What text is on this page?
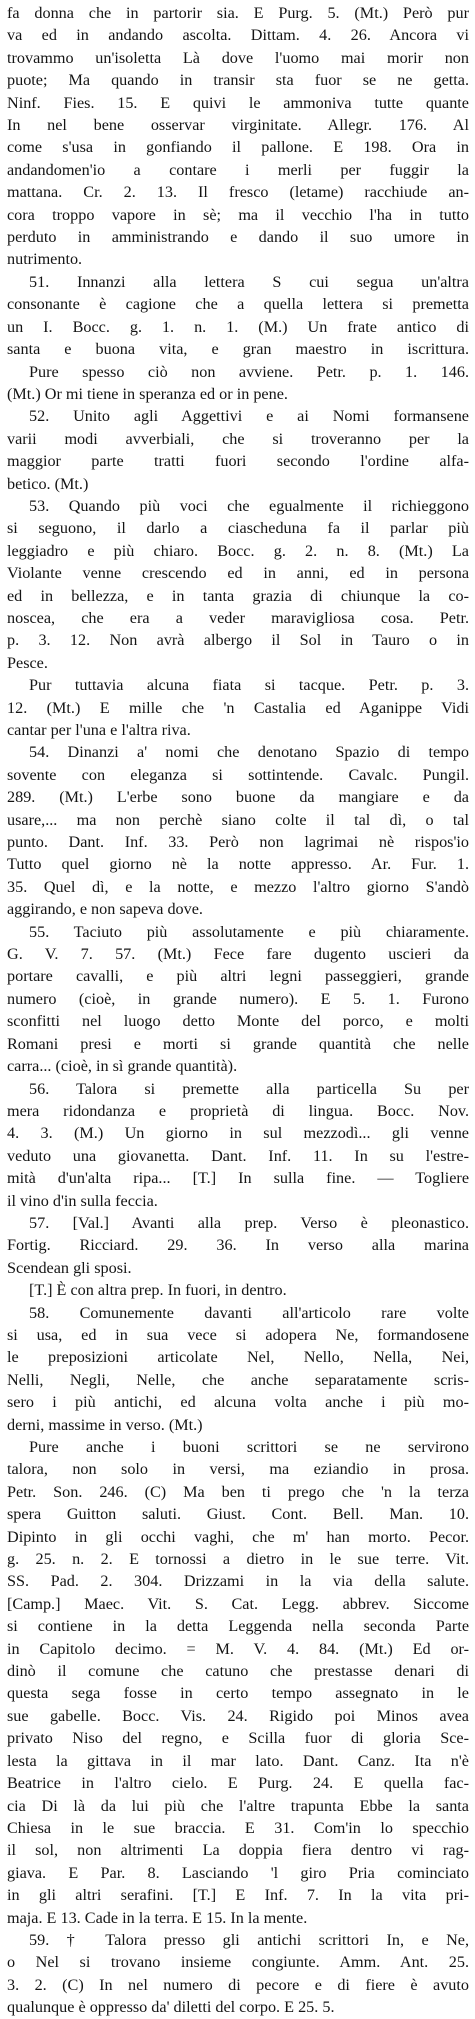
fa donna che in partorir sia. E Purg. 5. (Mt.) Però pur
va ed in andando ascolta. Dittam. 4. 26. Ancora vi
trovammo un'isoletta Là dove l'uomo mai morir non
puote; Ma quando in transir sta fuor se ne getta.
Ninf. Fies. 15. E quivi le ammoniva tutte quante
In nel bene osservar virginitate. Allegr. 176. Al
come s'usa in gonfiando il pallone. E 198. Ora in
andandomen'io a contare i merli per fuggir la
mattana. Cr. 2. 13. Il fresco (letame) racchiude an-
cora troppo vapore in sè; ma il vecchio l'ha in tutto
perduto in amministrando e dando il suo umore in
nutrimento.
51. Innanzi alla lettera S cui segua un'altra
consonante è cagione che a quella lettera si premetta
un I. Bocc. g. 1. n. 1. (M.) Un frate antico di
santa e buona vita, e gran maestro in iscrittura.
Pure spesso ciò non avviene. Petr. p. 1. 146.
(Mt.) Or mi tiene in speranza ed or in pene.
52. Unito agli Aggettivi e ai Nomi formansene
varii modi avverbiali, che si troveranno per la
maggior parte tratti fuori secondo l'ordine alfa-
betico. (Mt.)
53. Quando più voci che egualmente il richieggono
si seguono, il darlo a ciascheduna fa il parlar più
leggiadro e più chiaro. Bocc. g. 2. n. 8. (Mt.) La
Violante venne crescendo ed in anni, ed in persona
ed in bellezza, e in tanta grazia di chiunque la co-
noscea, che era a veder maravigliosa cosa. Petr.
p. 3. 12. Non avrà albergo il Sol in Tauro o in
Pesce.
Pur tuttavia alcuna fiata si tacque. Petr. p. 3.
12. (Mt.) E mille che 'n Castalia ed Aganippe Vidi
cantar per l'una e l'altra riva.
54. Dinanzi a' nomi che denotano Spazio di tempo
sovente con eleganza si sottintende. Cavalc. Pungil.
289. (Mt.) L'erbe sono buone da mangiare e da
usare,... ma non perchè siano colte il tal dì, o tal
punto. Dant. Inf. 33. Però non lagrimai nè rispos'io
Tutto quel giorno nè la notte appresso. Ar. Fur. 1.
35. Quel dì, e la notte, e mezzo l'altro giorno S'andò
aggirando, e non sapeva dove.
55. Taciuto più assolutamente e più chiaramente.
G. V. 7. 57. (Mt.) Fece fare dugento uscieri da
portare cavalli, e più altri legni passeggieri, grande
numero (cioè, in grande numero). E 5. 1. Furono
sconfitti nel luogo detto Monte del porco, e molti
Romani presi e morti si grande quantità che nelle
carra... (cioè, in sì grande quantità).
56. Talora si premette alla particella Su per
mera ridondanza e proprietà di lingua. Bocc. Nov.
4. 3. (M.) Un giorno in sul mezzodì... gli venne
veduto una giovanetta. Dant. Inf. 11. In su l'estre-
mità d'un'alta ripa... [T.] In sulla fine. — Togliere
il vino d'in sulla feccia.
57. [Val.] Avanti alla prep. Verso è pleonastico.
Fortig. Ricciard. 29. 36. In verso alla marina
Scendean gli sposi.
[T.] È con altra prep. In fuori, in dentro.
58. Comunemente davanti all'articolo rare volte
si usa, ed in sua vece si adopera Ne, formandosene
le preposizioni articolate Nel, Nello, Nella, Nei,
Nelli, Negli, Nelle, che anche separatamente scris-
sero i più antichi, ed alcuna volta anche i più mo-
derni, massime in verso. (Mt.)
Pure anche i buoni scrittori se ne servirono
talora, non solo in versi, ma eziandio in prosa.
Petr. Son. 246. (C) Ma ben ti prego che 'n la terza
spera Guitton saluti. Giust. Cont. Bell. Man. 10.
Dipinto in gli occhi vaghi, che m' han morto. Pecor.
g. 25. n. 2. E tornossi a dietro in le sue terre. Vit.
SS. Pad. 2. 304. Drizzami in la via della salute.
[Camp.] Maec. Vit. S. Cat. Legg. abbrev. Siccome
si contiene in la detta Leggenda nella seconda Parte
in Capitolo decimo. = M. V. 4. 84. (Mt.) Ed or-
dinò il comune che catuno che prestasse denari di
questa sega fosse in certo tempo assegnato in le
sue gabelle. Bocc. Vis. 24. Rigido poi Minos avea
privato Niso del regno, e Scilla fuor di gloria Sce-
lesta la gittava in il mar lato. Dant. Canz. Ita n'è
Beatrice in l'altro cielo. E Purg. 24. E quella fac-
cia Di là da lui più che l'altre trapunta Ebbe la santa
Chiesa in le sue braccia. E 31. Com'in lo specchio
il sol, non altrimenti La doppia fiera dentro vi rag-
giava. E Par. 8. Lasciando 'l giro Pria cominciato
in gli altri serafini. [T.] E Inf. 7. In la vita pri-
maja. E 13. Cade in la terra. E 15. In la mente.
59. † Talora presso gli antichi scrittori In, e Ne,
o Nel si trovano insieme congiunte. Amm. Ant. 25.
3. 2. (C) In nel numero di pecore e di fiere è avuto
qualunque è oppresso da' diletti del corpo. E 25. 5.
